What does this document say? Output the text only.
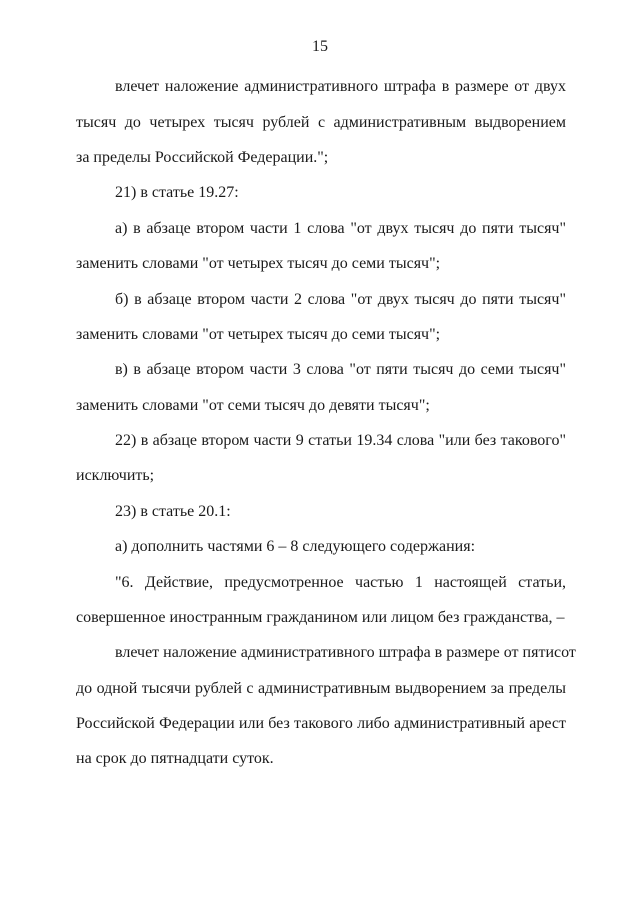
15
влечет наложение административного штрафа в размере от двух
тысяч до четырех тысяч рублей с административным выдворением
за пределы Российской Федерации.";
21) в статье 19.27:
а) в абзаце втором части 1 слова "от двух тысяч до пяти тысяч"
заменить словами "от четырех тысяч до семи тысяч";
б) в абзаце втором части 2 слова "от двух тысяч до пяти тысяч"
заменить словами "от четырех тысяч до семи тысяч";
в) в абзаце втором части 3 слова "от пяти тысяч до семи тысяч"
заменить словами "от семи тысяч до девяти тысяч";
22) в абзаце втором части 9 статьи 19.34 слова "или без такового"
исключить;
23) в статье 20.1:
а) дополнить частями 6 – 8 следующего содержания:
"6. Действие, предусмотренное частью 1 настоящей статьи,
совершенное иностранным гражданином или лицом без гражданства, –
влечет наложение административного штрафа в размере от пятисот
до одной тысячи рублей с административным выдворением за пределы
Российской Федерации или без такового либо административный арест
на срок до пятнадцати суток.
